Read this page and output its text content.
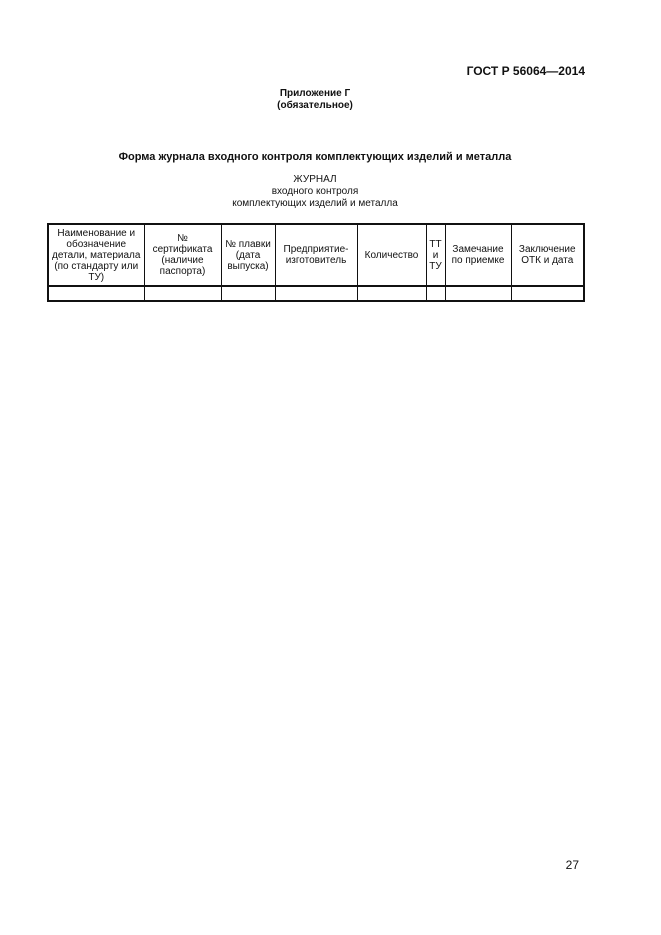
ГОСТ Р 56064—2014
Приложение Г
(обязательное)
Форма журнала входного контроля комплектующих изделий и металла
ЖУРНАЛ
входного контроля
комплектующих изделий и металла
Наименование и обозначение детали, материала (по стандарту или ТУ)	№ сертификата (наличие паспорта)	№ плавки (дата выпуска)	Предприятие-изготовитель	Количество	ТТ и ТУ	Замечание по приемке	Заключение ОТК и дата

27
